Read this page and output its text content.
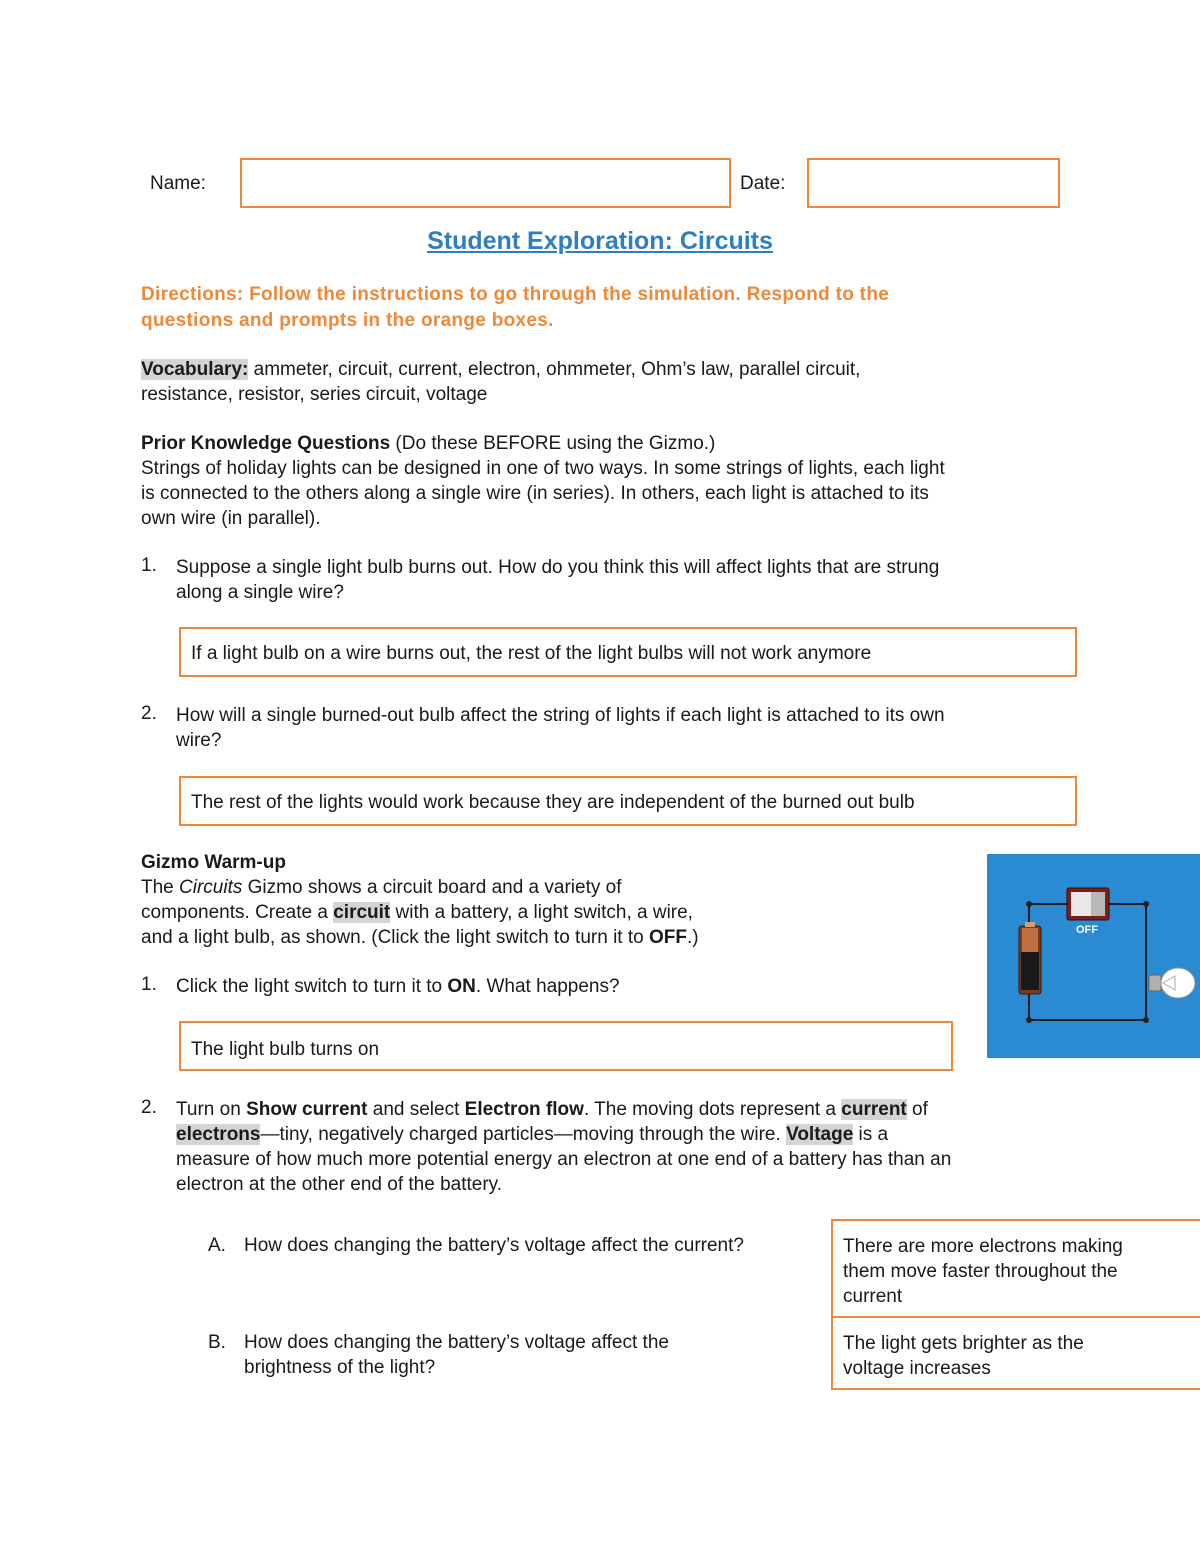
Name:	Date:
Student Exploration: Circuits
Directions: Follow the instructions to go through the simulation. Respond to the
questions and prompts in the orange boxes.
Vocabulary: ammeter, circuit, current, electron, ohmmeter, Ohm’s law, parallel circuit,
resistance, resistor, series circuit, voltage
Prior Knowledge Questions (Do these BEFORE using the Gizmo.)
Strings of holiday lights can be designed in one of two ways. In some strings of lights, each light
is connected to the others along a single wire (in series). In others, each light is attached to its
own wire (in parallel).
1.	Suppose a single light bulb burns out. How do you think this will affect lights that are strung
along a single wire?
If a light bulb on a wire burns out, the rest of the light bulbs will not work anymore
2.	How will a single burned-out bulb affect the string of lights if each light is attached to its own
wire?
The rest of the lights would work because they are independent of the burned out bulb
Gizmo Warm-up
The Circuits Gizmo shows a circuit board and a variety of
components. Create a circuit with a battery, a light switch, a wire,
and a light bulb, as shown. (Click the light switch to turn it to OFF.)	OFF
1.	Click the light switch to turn it to ON. What happens?
The light bulb turns on
2.	Turn on Show current and select Electron flow. The moving dots represent a current of
electrons—tiny, negatively charged particles—moving through the wire. Voltage is a
measure of how much more potential energy an electron at one end of a battery has than an
electron at the other end of the battery.
A. How does changing the battery’s voltage affect the current?	There are more electrons making
them move faster throughout the
current
B. How does changing the battery’s voltage affect the
brightness of the light?
The light gets brighter as the
voltage increases
